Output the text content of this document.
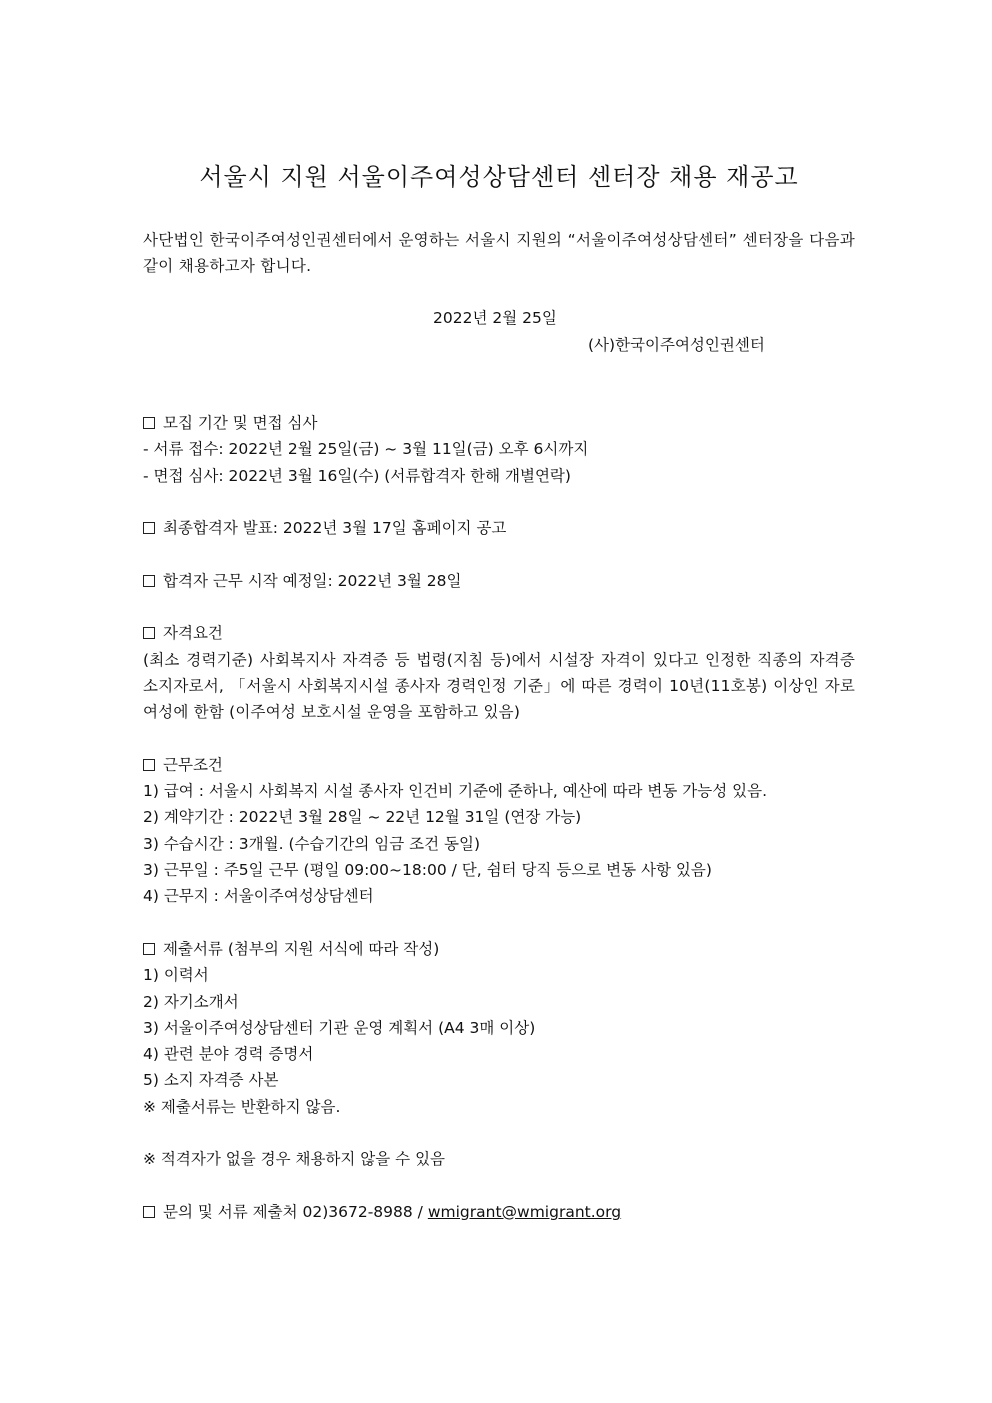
서울시 지원 서울이주여성상담센터 센터장 채용 재공고
사단법인 한국이주여성인권센터에서 운영하는 서울시 지원의 “서울이주여성상담센터” 센터장을 다음과 같이 채용하고자 합니다.
2022년 2월 25일
(사)한국이주여성인권센터
모집 기간 및 면접 심사
- 서류 접수: 2022년 2월 25일(금) ~ 3월 11일(금) 오후 6시까지
- 면접 심사: 2022년 3월 16일(수) (서류합격자 한해 개별연락)
최종합격자 발표: 2022년 3월 17일 홈페이지 공고
합격자 근무 시작 예정일: 2022년 3월 28일
자격요건
(최소 경력기준) 사회복지사 자격증 등 법령(지침 등)에서 시설장 자격이 있다고 인정한 직종의 자격증 소지자로서, 「서울시 사회복지시설 종사자 경력인정 기준」에 따른 경력이 10년(11호봉) 이상인 자로 여성에 한함 (이주여성 보호시설 운영을 포함하고 있음)
근무조건
1) 급여 : 서울시 사회복지 시설 종사자 인건비 기준에 준하나, 예산에 따라 변동 가능성 있음.
2) 계약기간 : 2022년 3월 28일 ~ 22년 12월 31일 (연장 가능)
3) 수습시간 : 3개월. (수습기간의 임금 조건 동일)
3) 근무일 : 주5일 근무 (평일 09:00~18:00 / 단, 쉼터 당직 등으로 변동 사항 있음)
4) 근무지 : 서울이주여성상담센터
제출서류 (첨부의 지원 서식에 따라 작성)
1) 이력서
2) 자기소개서
3) 서울이주여성상담센터 기관 운영 계획서 (A4 3매 이상)
4) 관련 분야 경력 증명서
5) 소지 자격증 사본
※ 제출서류는 반환하지 않음.
※ 적격자가 없을 경우 채용하지 않을 수 있음
문의 및 서류 제출처 02)3672-8988 / wmigrant@wmigrant.org
